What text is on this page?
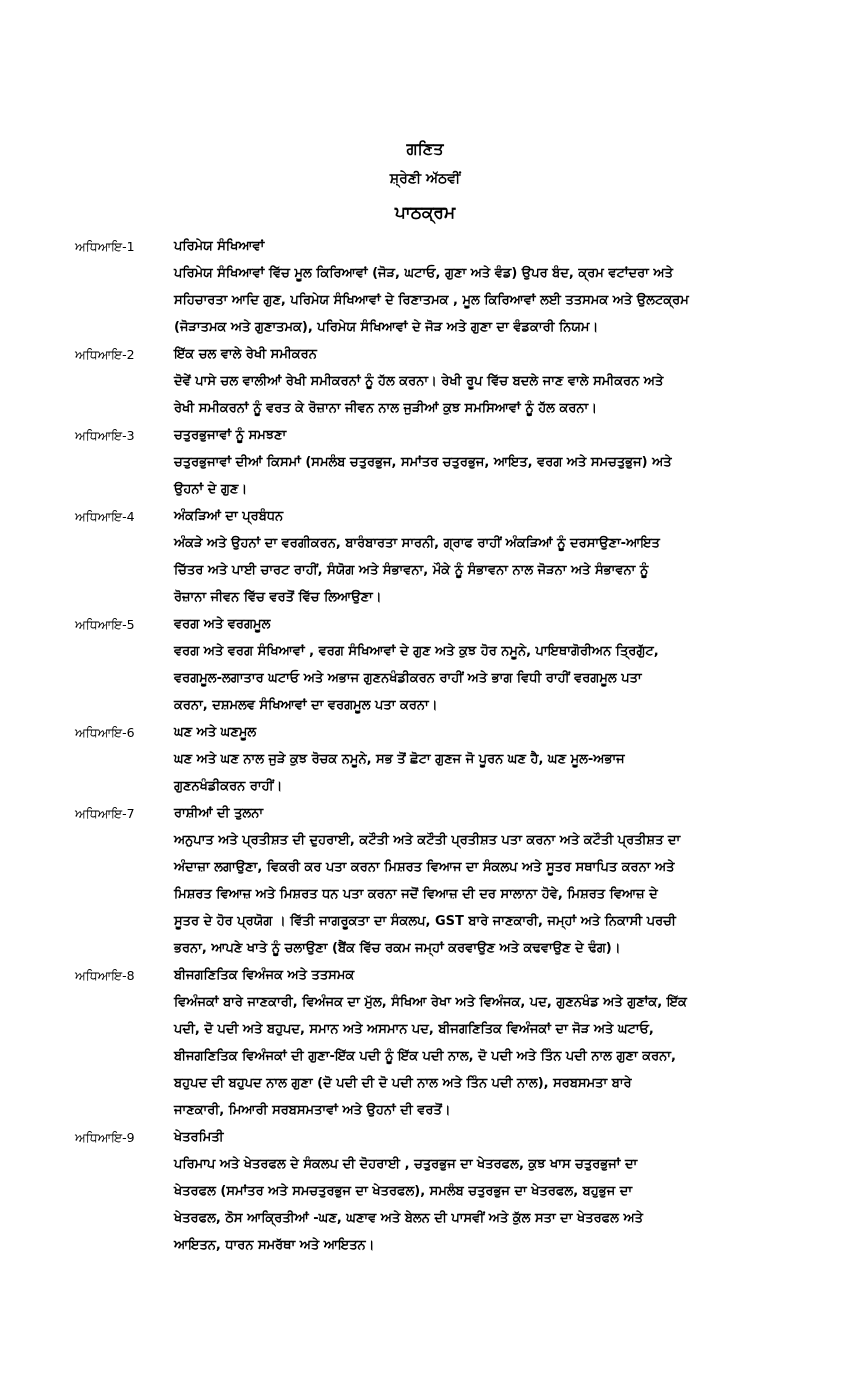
ਗਣਿਤ
ਸ਼੍ਰੇਣੀ ਅੱਠਵੀਂ
ਪਾਠਕ੍ਰਮ
ਅਧਿਆਇ-1	ਪਰਿਮੇਯ ਸੰਖਿਆਵਾਂ
ਪਰਿਮੇਯ ਸੰਖਿਆਵਾਂ ਵਿੱਚ ਮੂਲ ਕਿਰਿਆਵਾਂ (ਜੋੜ, ਘਟਾਓ, ਗੁਣਾ ਅਤੇ ਵੰਡ) ਉਪਰ ਬੰਦ, ਕ੍ਰਮ ਵਟਾਂਦਰਾ ਅਤੇ
ਸਹਿਚਾਰਤਾ ਆਦਿ ਗੁਣ, ਪਰਿਮੇਯ ਸੰਖਿਆਵਾਂ ਦੇ ਰਿਣਾਤਮਕ , ਮੂਲ ਕਿਰਿਆਵਾਂ ਲਈ ਤਤਸਮਕ ਅਤੇ ਉਲਟਕ੍ਰਮ
(ਜੋੜਾਤਮਕ ਅਤੇ ਗੁਣਾਤਮਕ), ਪਰਿਮੇਯ ਸੰਖਿਆਵਾਂ ਦੇ ਜੋੜ ਅਤੇ ਗੁਣਾ ਦਾ ਵੰਡਕਾਰੀ ਨਿਯਮ।
ਅਧਿਆਇ-2	ਇੱਕ ਚਲ ਵਾਲੇ ਰੇਖੀ ਸਮੀਕਰਨ
ਦੋਵੇਂ ਪਾਸੇ ਚਲ ਵਾਲੀਆਂ ਰੇਖੀ ਸਮੀਕਰਨਾਂ ਨੂੰ ਹੱਲ ਕਰਨਾ। ਰੇਖੀ ਰੂਪ ਵਿੱਚ ਬਦਲੇ ਜਾਣ ਵਾਲੇ ਸਮੀਕਰਨ ਅਤੇ
ਰੇਖੀ ਸਮੀਕਰਨਾਂ ਨੂੰ ਵਰਤ ਕੇ ਰੋਜ਼ਾਨਾ ਜੀਵਨ ਨਾਲ ਜੁੜੀਆਂ ਕੁਝ ਸਮਸਿਆਵਾਂ ਨੂੰ ਹੱਲ ਕਰਨਾ।
ਅਧਿਆਇ-3	ਚਤੁਰਭੁਜਾਵਾਂ ਨੂੰ ਸਮਝਣਾ
ਚਤੁਰਭੁਜਾਵਾਂ ਦੀਆਂ ਕਿਸਮਾਂ (ਸਮਲੰਬ ਚਤੁਰਭੁਜ, ਸਮਾਂਤਰ ਚਤੁਰਭੁਜ, ਆਇਤ, ਵਰਗ ਅਤੇ ਸਮਚਤੁਭੁਜ) ਅਤੇ
ਉਹਨਾਂ ਦੇ ਗੁਣ।
ਅਧਿਆਇ-4	ਅੰਕੜਿਆਂ ਦਾ ਪ੍ਰਬੰਧਨ
ਅੰਕੜੇ ਅਤੇ ਉਹਨਾਂ ਦਾ ਵਰਗੀਕਰਨ, ਬਾਰੰਬਾਰਤਾ ਸਾਰਨੀ, ਗ੍ਰਾਫ ਰਾਹੀਂ ਅੰਕੜਿਆਂ ਨੂੰ ਦਰਸਾਉਣਾ-ਆਇਤ
ਚਿੱਤਰ ਅਤੇ ਪਾਈ ਚਾਰਟ ਰਾਹੀਂ, ਸੰਯੋਗ ਅਤੇ ਸੰਭਾਵਨਾ, ਮੌਕੇ ਨੂੰ ਸੰਭਾਵਨਾ ਨਾਲ ਜੋੜਨਾ ਅਤੇ ਸੰਭਾਵਨਾ ਨੂੰ
ਰੋਜ਼ਾਨਾ ਜੀਵਨ ਵਿੱਚ ਵਰਤੋਂ ਵਿੱਚ ਲਿਆਉਣਾ।
ਅਧਿਆਇ-5	ਵਰਗ ਅਤੇ ਵਰਗਮੂਲ
ਵਰਗ ਅਤੇ ਵਰਗ ਸੰਖਿਆਵਾਂ , ਵਰਗ ਸੰਖਿਆਵਾਂ ਦੇ ਗੁਣ ਅਤੇ ਕੁਝ ਹੋਰ ਨਮੂਨੇ, ਪਾਇਥਾਗੋਰੀਅਨ ਤ੍ਰਿਗੁੱਟ,
ਵਰਗਮੂਲ-ਲਗਾਤਾਰ ਘਟਾਓ ਅਤੇ ਅਭਾਜ ਗੁਣਨਖੰਡੀਕਰਨ ਰਾਹੀਂ ਅਤੇ ਭਾਗ ਵਿਧੀ ਰਾਹੀਂ ਵਰਗਮੂਲ ਪਤਾ
ਕਰਨਾ, ਦਸ਼ਮਲਵ ਸੰਖਿਆਵਾਂ ਦਾ ਵਰਗਮੂਲ ਪਤਾ ਕਰਨਾ।
ਅਧਿਆਇ-6	ਘਣ ਅਤੇ ਘਣਮੂਲ
ਘਣ ਅਤੇ ਘਣ ਨਾਲ ਜੁੜੇ ਕੁਝ ਰੋਚਕ ਨਮੂਨੇ, ਸਭ ਤੋਂ ਛੋਟਾ ਗੁਣਜ ਜੋ ਪੂਰਨ ਘਣ ਹੈ, ਘਣ ਮੂਲ-ਅਭਾਜ
ਗੁਣਨਖੰਡੀਕਰਨ ਰਾਹੀਂ।
ਅਧਿਆਇ-7	ਰਾਸ਼ੀਆਂ ਦੀ ਤੁਲਨਾ
ਅਨੁਪਾਤ ਅਤੇ ਪ੍ਰਤੀਸ਼ਤ ਦੀ ਦੁਹਰਾਈ, ਕਟੌਤੀ ਅਤੇ ਕਟੌਤੀ ਪ੍ਰਤੀਸ਼ਤ ਪਤਾ ਕਰਨਾ ਅਤੇ ਕਟੌਤੀ ਪ੍ਰਤੀਸ਼ਤ ਦਾ
ਅੰਦਾਜ਼ਾ ਲਗਾਉਣਾ, ਵਿਕਰੀ ਕਰ ਪਤਾ ਕਰਨਾ ਮਿਸ਼ਰਤ ਵਿਆਜ ਦਾ ਸੰਕਲਪ ਅਤੇ ਸੂਤਰ ਸਥਾਪਿਤ ਕਰਨਾ ਅਤੇ
ਮਿਸ਼ਰਤ ਵਿਆਜ਼ ਅਤੇ ਮਿਸ਼ਰਤ ਧਨ ਪਤਾ ਕਰਨਾ ਜਦੋਂ ਵਿਆਜ਼ ਦੀ ਦਰ ਸਾਲਾਨਾ ਹੋਵੇ, ਮਿਸ਼ਰਤ ਵਿਆਜ਼ ਦੇ
ਸੂਤਰ ਦੇ ਹੋਰ ਪ੍ਰਯੋਗ । ਵਿੱਤੀ ਜਾਗਰੂਕਤਾ ਦਾ ਸੰਕਲਪ, GST ਬਾਰੇ ਜਾਣਕਾਰੀ, ਜਮ੍ਹਾਂ ਅਤੇ ਨਿਕਾਸੀ ਪਰਚੀ
ਭਰਨਾ, ਆਪਣੇ ਖਾਤੇ ਨੂੰ ਚਲਾਉਣਾ (ਬੈਂਕ ਵਿੱਚ ਰਕਮ ਜਮ੍ਹਾਂ ਕਰਵਾਉਣ ਅਤੇ ਕਢਵਾਉਣ ਦੇ ਢੰਗ)।
ਅਧਿਆਇ-8	ਬੀਜਗਣਿਤਿਕ ਵਿਅੰਜਕ ਅਤੇ ਤਤਸਮਕ
ਵਿਅੰਜਕਾਂ ਬਾਰੇ ਜਾਣਕਾਰੀ, ਵਿਅੰਜਕ ਦਾ ਮੁੱਲ, ਸੰਖਿਆ ਰੇਖਾ ਅਤੇ ਵਿਅੰਜਕ, ਪਦ, ਗੁਣਨਖੰਡ ਅਤੇ ਗੁਣਾਂਕ, ਇੱਕ
ਪਦੀ, ਦੋ ਪਦੀ ਅਤੇ ਬਹੁਪਦ, ਸਮਾਨ ਅਤੇ ਅਸਮਾਨ ਪਦ, ਬੀਜਗਣਿਤਿਕ ਵਿਅੰਜਕਾਂ ਦਾ ਜੋੜ ਅਤੇ ਘਟਾਓ,
ਬੀਜਗਣਿਤਿਕ ਵਿਅੰਜਕਾਂ ਦੀ ਗੁਣਾ-ਇੱਕ ਪਦੀ ਨੂੰ ਇੱਕ ਪਦੀ ਨਾਲ, ਦੋ ਪਦੀ ਅਤੇ ਤਿੰਨ ਪਦੀ ਨਾਲ ਗੁਣਾ ਕਰਨਾ,
ਬਹੁਪਦ ਦੀ ਬਹੁਪਦ ਨਾਲ ਗੁਣਾ (ਦੋ ਪਦੀ ਦੀ ਦੋ ਪਦੀ ਨਾਲ ਅਤੇ ਤਿੰਨ ਪਦੀ ਨਾਲ), ਸਰਬਸਮਤਾ ਬਾਰੇ
ਜਾਣਕਾਰੀ, ਮਿਆਰੀ ਸਰਬਸਮਤਾਵਾਂ ਅਤੇ ਉਹਨਾਂ ਦੀ ਵਰਤੋਂ।
ਅਧਿਆਇ-9	ਖੇਤਰਮਿਤੀ
ਪਰਿਮਾਪ ਅਤੇ ਖੇਤਰਫਲ ਦੇ ਸੰਕਲਪ ਦੀ ਦੋਹਰਾਈ , ਚਤੁਰਭੁਜ ਦਾ ਖੇਤਰਫਲ, ਕੁਝ ਖਾਸ ਚਤੁਰਭੁਜਾਂ ਦਾ
ਖੇਤਰਫਲ (ਸਮਾਂਤਰ ਅਤੇ ਸਮਚਤੁਰਭੁਜ ਦਾ ਖੇਤਰਫਲ), ਸਮਲੰਬ ਚਤੁਰਭੁਜ ਦਾ ਖੇਤਰਫਲ, ਬਹੁਭੁਜ ਦਾ
ਖੇਤਰਫਲ, ਠੋਸ ਆਕ੍ਰਿਤੀਆਂ -ਘਣ, ਘਣਾਵ ਅਤੇ ਬੇਲਨ ਦੀ ਪਾਸਵੀਂ ਅਤੇ ਕੁੱਲ ਸਤਾ ਦਾ ਖੇਤਰਫਲ ਅਤੇ
ਆਇਤਨ, ਧਾਰਨ ਸਮਰੱਥਾ ਅਤੇ ਆਇਤਨ।
